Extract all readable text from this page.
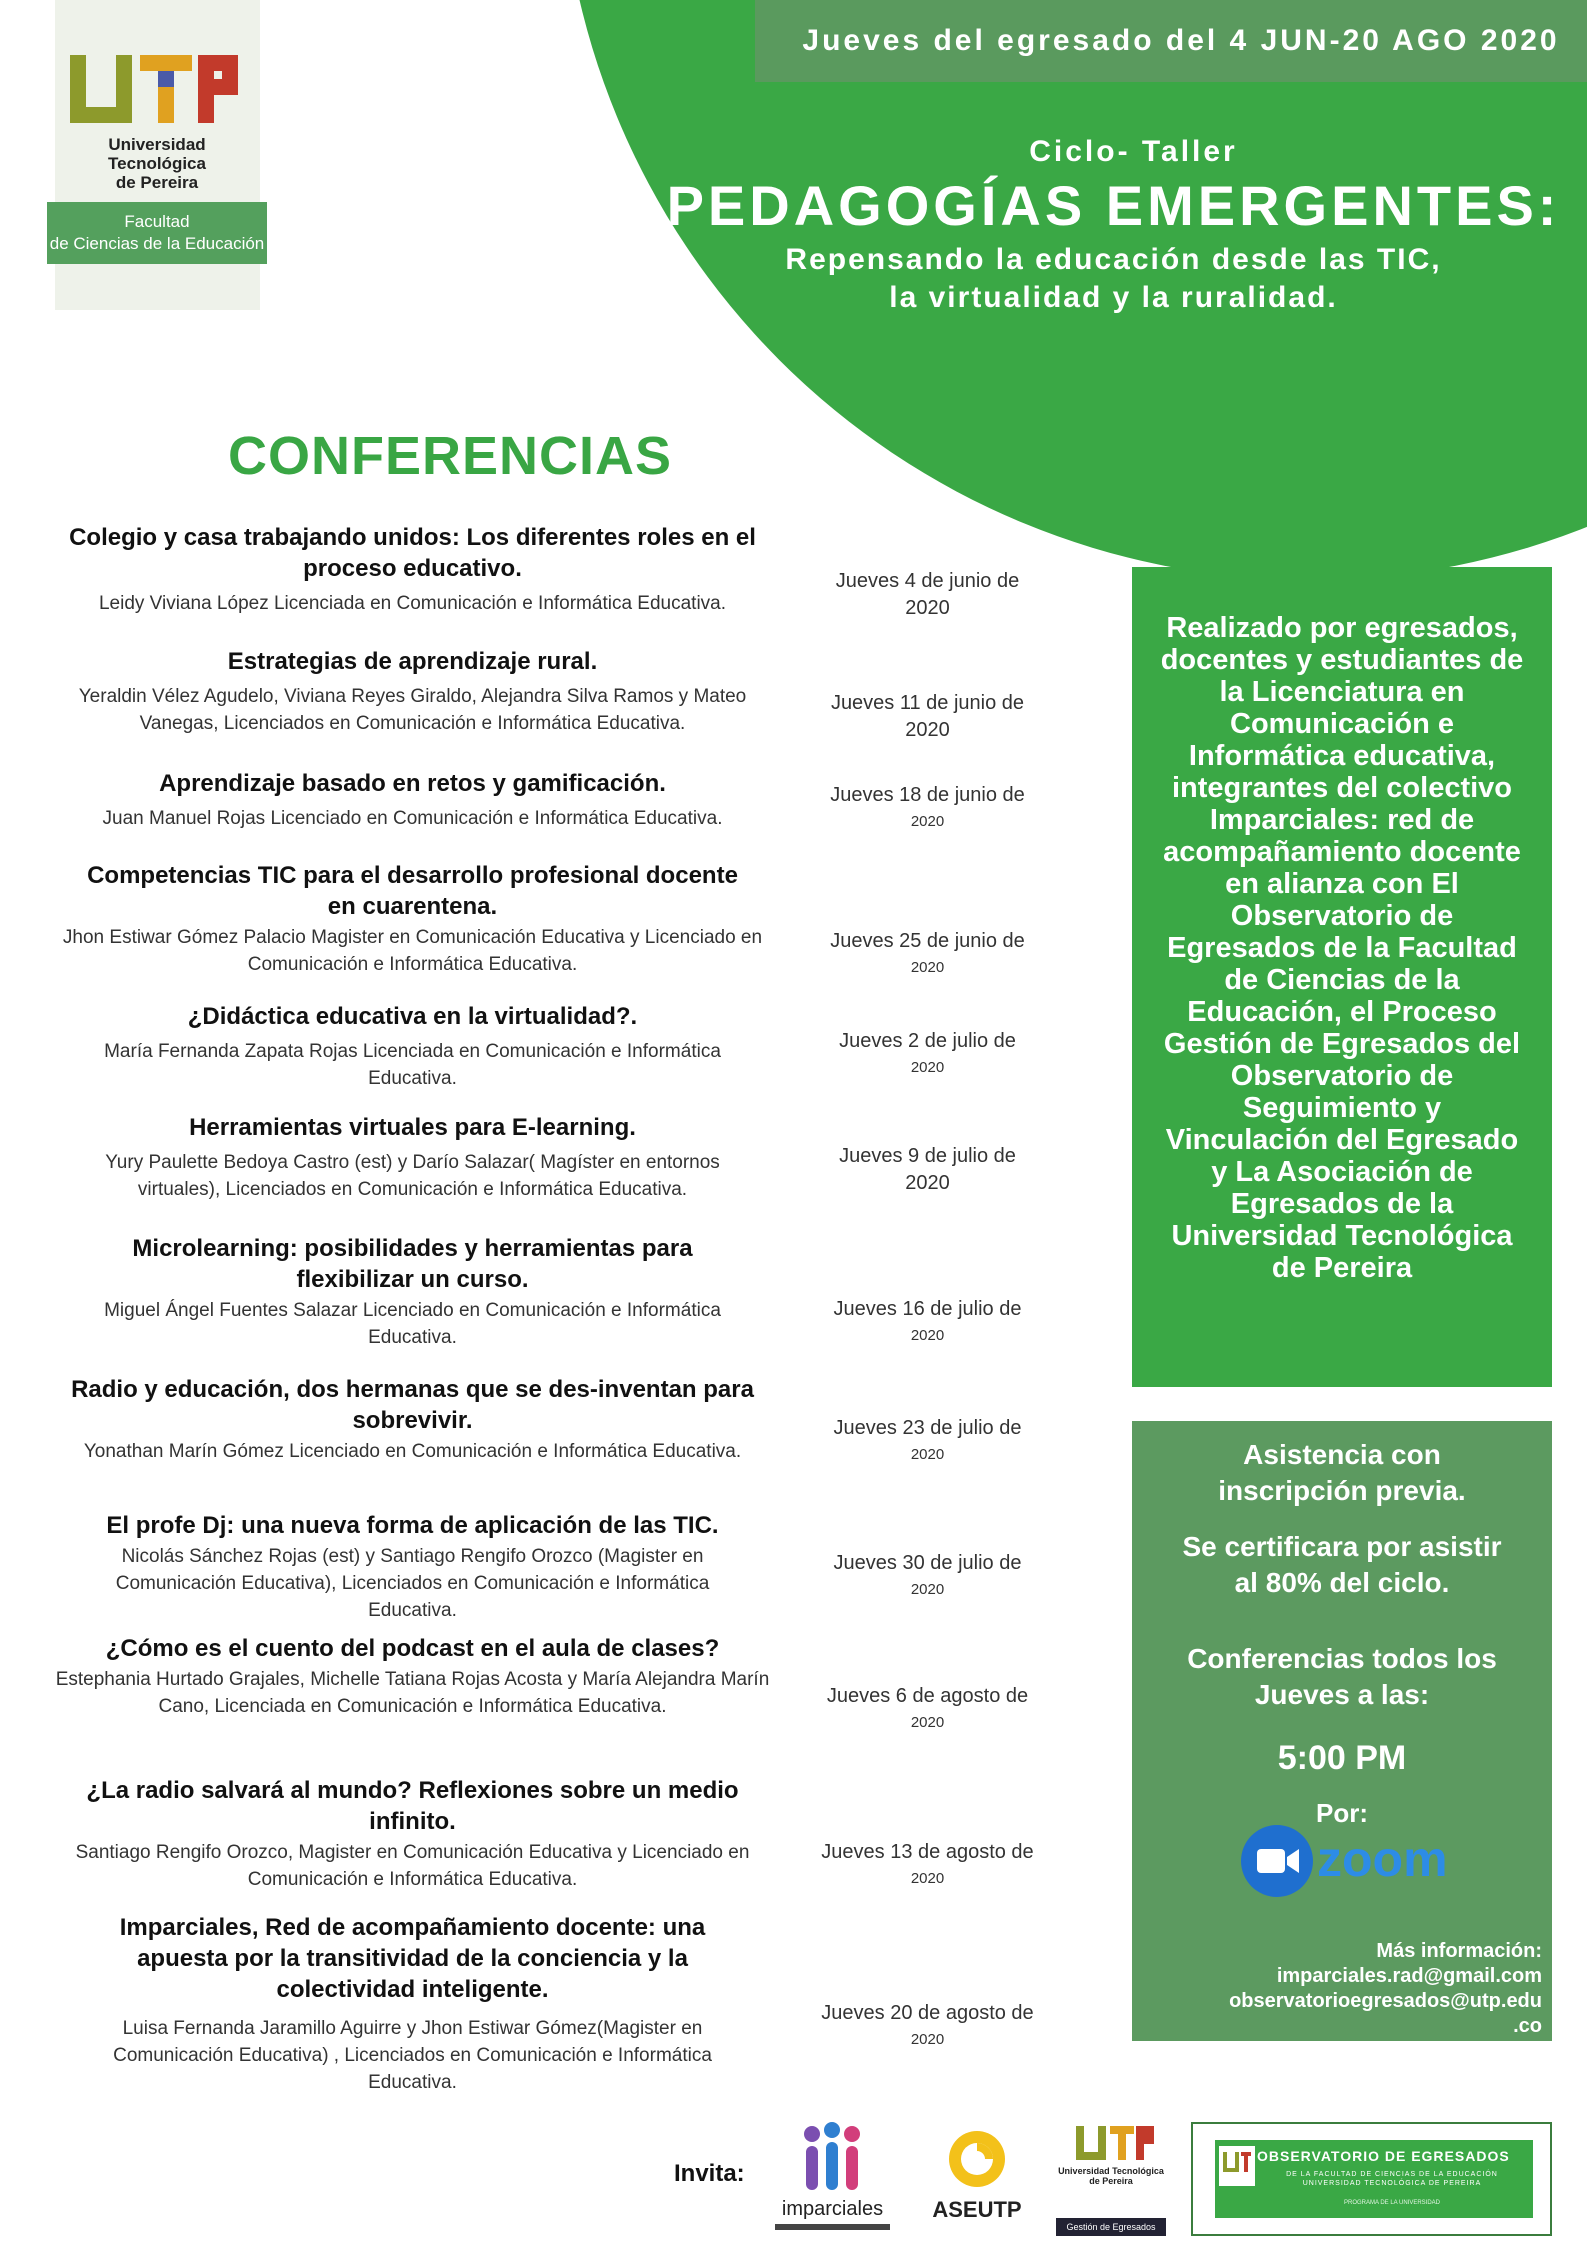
Jueves del egresado del 4 JUN-20 AGO 2020
Universidad Tecnológica
de Pereira
Facultad
de Ciencias de la Educación
Ciclo- Taller
PEDAGOGÍAS EMERGENTES:
Repensando la educación desde las TIC,
la virtualidad y la ruralidad.
CONFERENCIAS
Colegio y casa trabajando unidos: Los diferentes roles en el proceso educativo.
Leidy Viviana López Licenciada en Comunicación e Informática Educativa.
Jueves 4 de junio de
2020
Estrategias de aprendizaje rural.
Yeraldin Vélez Agudelo, Viviana Reyes Giraldo, Alejandra Silva Ramos y Mateo Vanegas, Licenciados en Comunicación e Informática Educativa.
Jueves 11 de junio de
2020
Aprendizaje basado en retos y gamificación.
Juan Manuel Rojas Licenciado en Comunicación e Informática Educativa.
Jueves 18 de junio de
2020
Competencias TIC para el desarrollo profesional docente en cuarentena.
Jhon Estiwar Gómez Palacio Magister en Comunicación Educativa y Licenciado en Comunicación e Informática Educativa.
Jueves 25 de junio de
2020
¿Didáctica educativa en la virtualidad?.
María Fernanda Zapata Rojas Licenciada en Comunicación e Informática Educativa.
Jueves 2 de julio de
2020
Herramientas virtuales para E-learning.
Yury Paulette Bedoya Castro (est) y Darío Salazar( Magíster en entornos virtuales), Licenciados en Comunicación e Informática Educativa.
Jueves 9 de julio de
2020
Microlearning: posibilidades y herramientas para flexibilizar un curso.
Miguel Ángel Fuentes Salazar Licenciado en Comunicación e Informática Educativa.
Jueves 16 de julio de
2020
Radio y educación, dos hermanas que se des-inventan para sobrevivir.
Yonathan Marín Gómez Licenciado en Comunicación e Informática Educativa.
Jueves 23 de julio de
2020
El profe Dj: una nueva forma de aplicación de las TIC.
Nicolás Sánchez Rojas (est) y Santiago Rengifo Orozco (Magister en Comunicación Educativa), Licenciados en Comunicación e Informática Educativa.
Jueves 30 de julio de
2020
¿Cómo es el cuento del podcast en el aula de clases?
Estephania Hurtado Grajales, Michelle Tatiana Rojas Acosta y María Alejandra Marín Cano, Licenciada en Comunicación e Informática Educativa.	Jueves 6 de agosto de
2020
¿La radio salvará al mundo? Reflexiones sobre un medio infinito.
Santiago Rengifo Orozco, Magister en Comunicación Educativa y Licenciado en Comunicación e Informática Educativa.
Jueves 13 de agosto de
2020
Imparciales, Red de acompañamiento docente: una apuesta por la transitividad de la conciencia y la colectividad inteligente.
Luisa Fernanda Jaramillo Aguirre y Jhon Estiwar Gómez(Magister en Comunicación Educativa) , Licenciados en Comunicación e Informática Educativa.
Jueves 20 de agosto de
2020
Realizado por egresados, docentes y estudiantes de la Licenciatura en Comunicación e Informática educativa, integrantes del colectivo Imparciales: red de acompañamiento docente en alianza con El Observatorio de Egresados de la Facultad de Ciencias de la Educación, el Proceso Gestión de Egresados del Observatorio de Seguimiento y Vinculación del Egresado y La Asociación de Egresados de la Universidad Tecnológica de Pereira
Asistencia con inscripción previa.
Se certificara por asistir al 80% del ciclo.
Conferencias todos los Jueves a las:
5:00 PM
Por:
zoom
Más información:
imparciales.rad@gmail.com
observatorioegresados@utp.edu
.co
Invita:
imparciales	ASEUTP
Universidad Tecnológica
de Pereira
Gestión de Egresados
OBSERVATORIO DE EGRESADOS
DE LA FACULTAD DE CIENCIAS DE LA EDUCACIÓN
UNIVERSIDAD TECNOLÓGICA DE PEREIRA
PROGRAMA DE LA UNIVERSIDAD
